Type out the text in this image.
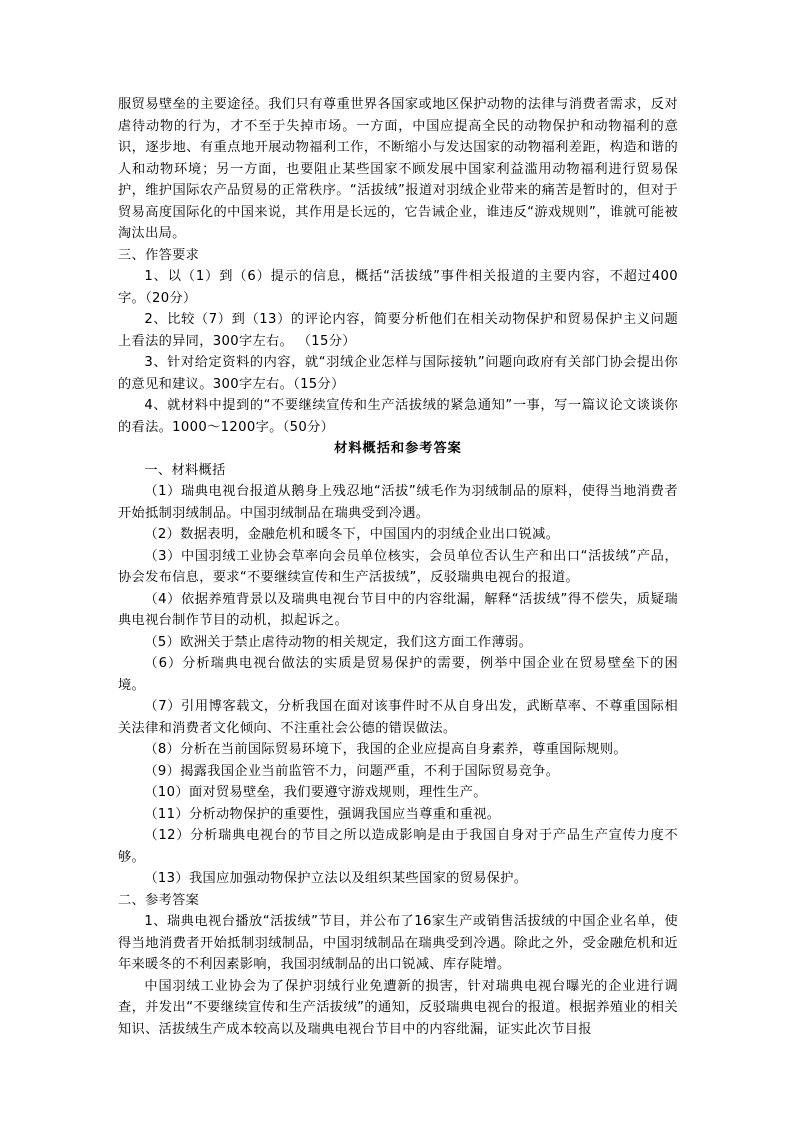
服贸易壁垒的主要途径。我们只有尊重世界各国家或地区保护动物的法律与消费者需求，反对虐待动物的行为，才不至于失掉市场。一方面，中国应提高全民的动物保护和动物福利的意识，逐步地、有重点地开展动物福利工作，不断缩小与发达国家的动物福利差距，构造和谐的人和动物环境；另一方面，也要阻止某些国家不顾发展中国家利益滥用动物福利进行贸易保护，维护国际农产品贸易的正常秩序。“活拔绒”报道对羽绒企业带来的痛苦是暂时的，但对于贸易高度国际化的中国来说，其作用是长远的，它告诫企业，谁违反“游戏规则”，谁就可能被淘汰出局。

三、作答要求

1、以（1）到（6）提示的信息，概括“活拔绒”事件相关报道的主要内容，不超过400字。（20分）

2、比较（7）到（13）的评论内容，简要分析他们在相关动物保护和贸易保护主义问题上看法的异同，300字左右。 （15分）

3、针对给定资料的内容，就“羽绒企业怎样与国际接轨”问题向政府有关部门协会提出你的意见和建议。300字左右。（15分）

4、就材料中提到的“不要继续宣传和生产活拔绒的紧急通知”一事，写一篇议论文谈谈你的看法。1000～1200字。（50分）

材料概括和参考答案

一、材料概括

（1）瑞典电视台报道从鹅身上残忍地“活拔”绒毛作为羽绒制品的原料，使得当地消费者开始抵制羽绒制品。中国羽绒制品在瑞典受到冷遇。

（2）数据表明，金融危机和暖冬下，中国国内的羽绒企业出口锐减。

（3）中国羽绒工业协会草率向会员单位核实，会员单位否认生产和出口“活拔绒”产品，协会发布信息，要求“不要继续宣传和生产活拔绒”，反驳瑞典电视台的报道。

（4）依据养殖背景以及瑞典电视台节目中的内容纰漏，解释“活拔绒”得不偿失，质疑瑞典电视台制作节目的动机，拟起诉之。

（5）欧洲关于禁止虐待动物的相关规定，我们这方面工作薄弱。

（6）分析瑞典电视台做法的实质是贸易保护的需要，例举中国企业在贸易壁垒下的困境。

（7）引用博客载文，分析我国在面对该事件时不从自身出发，武断草率、不尊重国际相关法律和消费者文化倾向、不注重社会公德的错误做法。

（8）分析在当前国际贸易环境下，我国的企业应提高自身素养，尊重国际规则。

（9）揭露我国企业当前监管不力，问题严重，不利于国际贸易竞争。

（10）面对贸易壁垒，我们要遵守游戏规则，理性生产。

（11）分析动物保护的重要性，强调我国应当尊重和重视。

（12）分析瑞典电视台的节目之所以造成影响是由于我国自身对于产品生产宣传力度不够。

（13）我国应加强动物保护立法以及组织某些国家的贸易保护。

二、参考答案

1、瑞典电视台播放“活拔绒”节目，并公布了16家生产或销售活拔绒的中国企业名单，使得当地消费者开始抵制羽绒制品，中国羽绒制品在瑞典受到冷遇。除此之外，受金融危机和近年来暖冬的不利因素影响，我国羽绒制品的出口锐减、库存陡增。

中国羽绒工业协会为了保护羽绒行业免遭新的损害，针对瑞典电视台曝光的企业进行调查，并发出“不要继续宣传和生产活拔绒”的通知，反驳瑞典电视台的报道。根据养殖业的相关知识、活拔绒生产成本较高以及瑞典电视台节目中的内容纰漏，证实此次节目报
